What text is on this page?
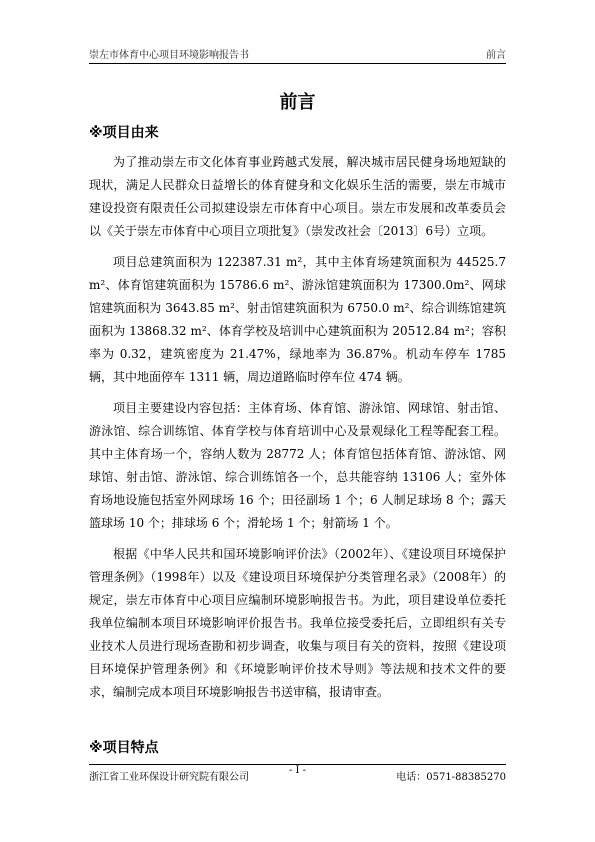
崇左市体育中心项目环境影响报告书	前言
前言
※项目由来

为了推动崇左市文化体育事业跨越式发展，解决城市居民健身场地短缺的现状，满足人民群众日益增长的体育健身和文化娱乐生活的需要，崇左市城市建设投资有限责任公司拟建设崇左市体育中心项目。崇左市发展和改革委员会以《关于崇左市体育中心项目立项批复》（崇发改社会〔2013〕6号）立项。

项目总建筑面积为 122387.31 m²，其中主体育场建筑面积为 44525.7 m²、体育馆建筑面积为 15786.6 m²、游泳馆建筑面积为 17300.0m²、网球馆建筑面积为 3643.85 m²、射击馆建筑面积为 6750.0 m²、综合训练馆建筑面积为 13868.32 m²、体育学校及培训中心建筑面积为 20512.84 m²；容积率为 0.32，建筑密度为 21.47%，绿地率为 36.87%。机动车停车 1785 辆，其中地面停车 1311 辆，周边道路临时停车位 474 辆。

项目主要建设内容包括：主体育场、体育馆、游泳馆、网球馆、射击馆、游泳馆、综合训练馆、体育学校与体育培训中心及景观绿化工程等配套工程。其中主体育场一个，容纳人数为 28772 人；体育馆包括体育馆、游泳馆、网球馆、射击馆、游泳馆、综合训练馆各一个，总共能容纳 13106 人；室外体育场地设施包括室外网球场 16 个；田径副场 1 个；6 人制足球场 8 个；露天篮球场 10 个；排球场 6 个；滑轮场 1 个；射箭场 1 个。

根据《中华人民共和国环境影响评价法》（2002年）、《建设项目环境保护管理条例》（1998年）以及《建设项目环境保护分类管理名录》（2008年）的规定，崇左市体育中心项目应编制环境影响报告书。为此，项目建设单位委托我单位编制本项目环境影响评价报告书。我单位接受委托后，立即组织有关专业技术人员进行现场查勘和初步调查，收集与项目有关的资料，按照《建设项目环境保护管理条例》和《环境影响评价技术导则》等法规和技术文件的要求，编制完成本项目环境影响报告书送审稿，报请审查。

※项目特点
浙江省工业环保设计研究院有限公司
- I -
电话：0571-88385270
